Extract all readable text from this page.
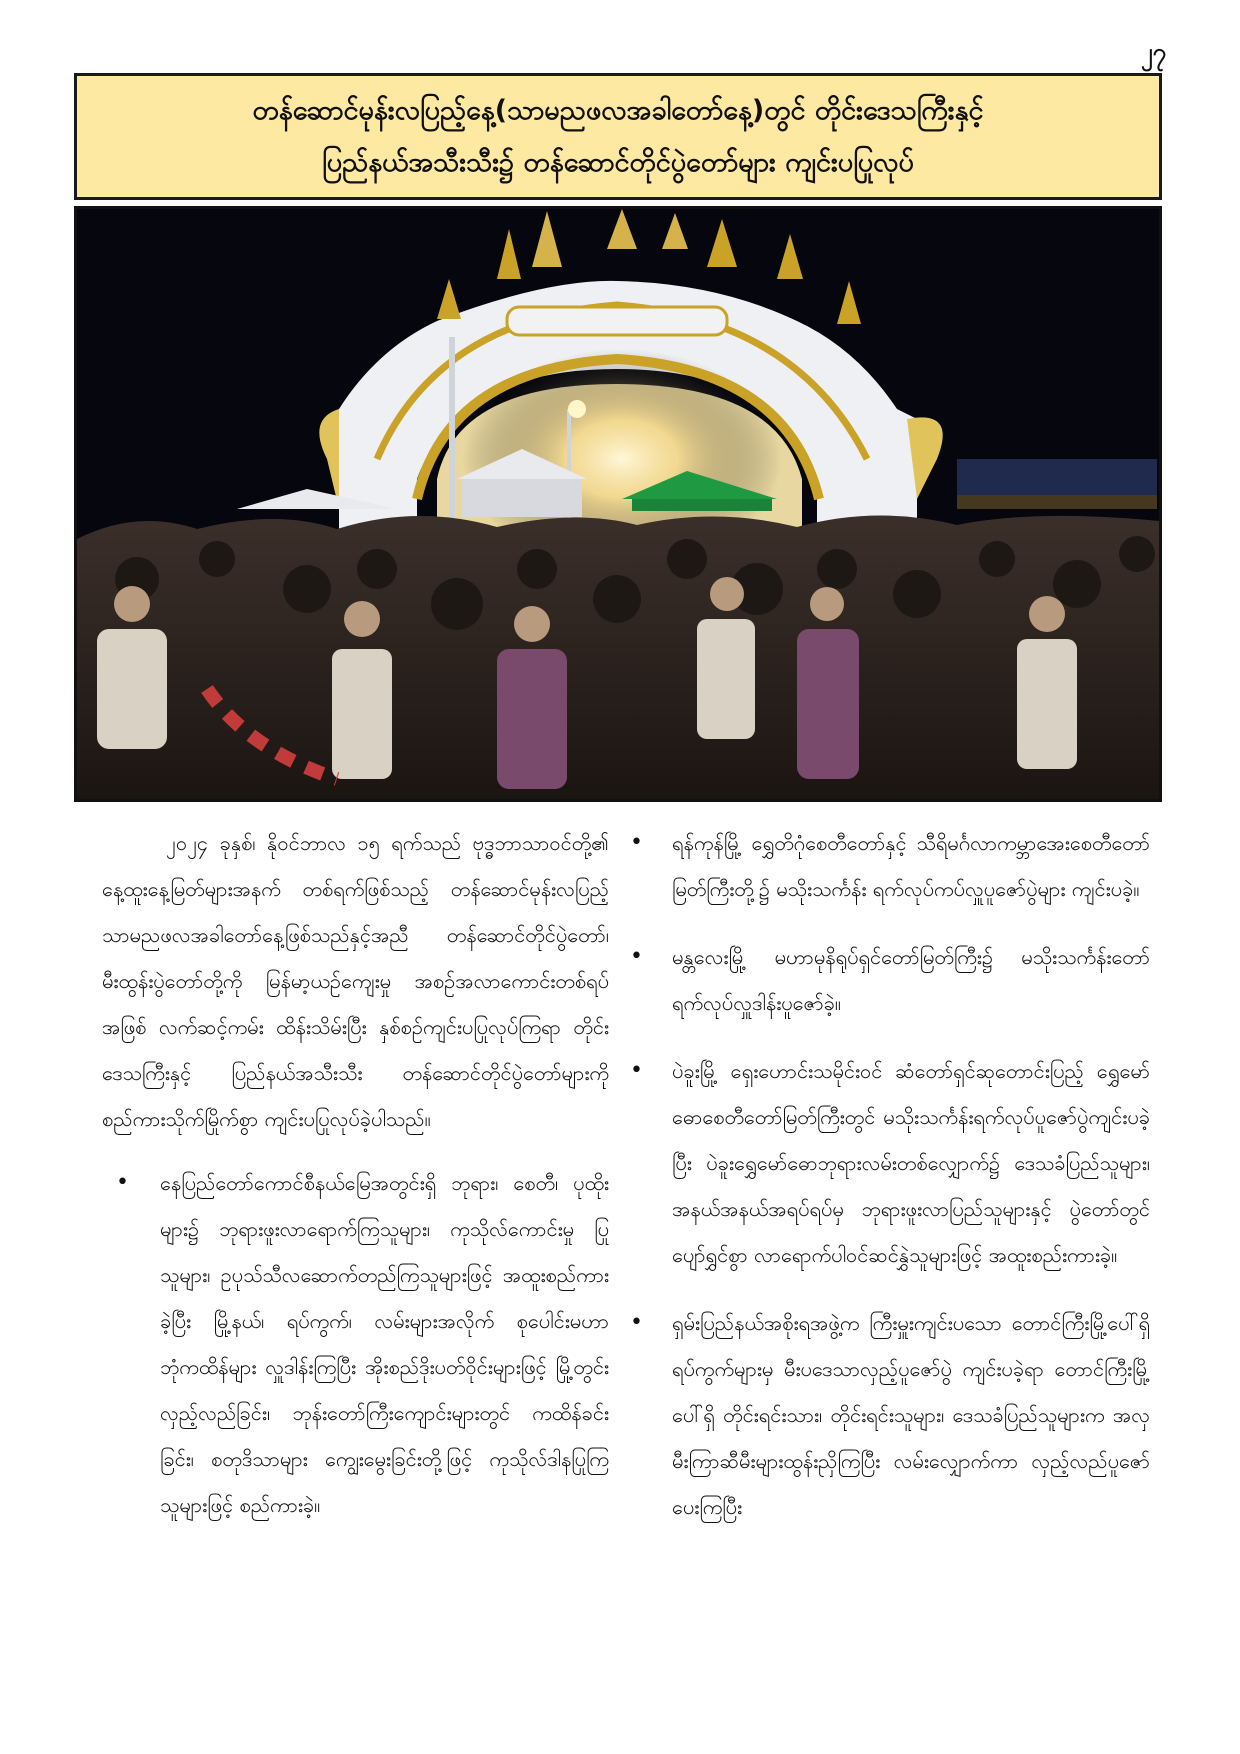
၂၇
တန်ဆောင်မုန်းလပြည့်နေ့(သာမညဖလအခါတော်နေ့)တွင် တိုင်းဒေသကြီးနှင့်
ပြည်နယ်အသီးသီး၌ တန်ဆောင်တိုင်ပွဲတော်များ ကျင်းပပြုလုပ်

၂၀၂၄ ခုနှစ်၊ နိုဝင်ဘာလ ၁၅ ရက်သည် ဗုဒ္ဓဘာသာဝင်တို့၏ နေ့ထူးနေ့မြတ်များအနက် တစ်ရက်ဖြစ်သည့် တန်ဆောင်မုန်းလပြည့် သာမညဖလအခါတော်နေ့ဖြစ်သည်နှင့်အညီ တန်ဆောင်တိုင်ပွဲတော်၊ မီးထွန်းပွဲတော်တို့ကို မြန်မာ့ယဉ်ကျေးမှု အစဉ်အလာကောင်းတစ်ရပ်အဖြစ် လက်ဆင့်ကမ်း ထိန်းသိမ်းပြီး နှစ်စဉ်ကျင်းပပြုလုပ်ကြရာ တိုင်းဒေသကြီးနှင့် ပြည်နယ်အသီးသီး တန်ဆောင်တိုင်ပွဲတော်များကို စည်ကားသိုက်မြိုက်စွာ ကျင်းပပြုလုပ်ခဲ့ပါသည်။

• နေပြည်တော်ကောင်စီနယ်မြေအတွင်းရှိ ဘုရား၊ စေတီ၊ ပုထိုးများ၌ ဘုရားဖူးလာရောက်ကြသူများ၊ ကုသိုလ်ကောင်းမှု ပြုသူများ၊ ဥပုသ်သီလဆောက်တည်ကြသူများဖြင့် အထူးစည်ကားခဲ့ပြီး မြို့နယ်၊ ရပ်ကွက်၊ လမ်းများအလိုက် စုပေါင်းမဟာဘုံကထိန်များ လှူဒါန်းကြပြီး အိုးစည်ဒိုးပတ်ဝိုင်းများဖြင့် မြို့တွင်းလှည့်လည်ခြင်း၊ ဘုန်းတော်ကြီးကျောင်းများတွင် ကထိန်ခင်းခြင်း၊ စတုဒိသာများ ကျွေးမွေးခြင်းတို့ဖြင့် ကုသိုလ်ဒါနပြုကြသူများဖြင့် စည်ကားခဲ့။
• ရန်ကုန်မြို့ ရွှေတိဂုံစေတီတော်နှင့် သီရိမင်္ဂလာကမ္ဘာအေးစေတီတော်မြတ်ကြီးတို့၌ မသိုးသင်္ကန်း ရက်လုပ်ကပ်လှူပူဇော်ပွဲများ ကျင်းပခဲ့။
• မန္တလေးမြို့ မဟာမုနိရုပ်ရှင်တော်မြတ်ကြီး၌ မသိုးသင်္ကန်းတော် ရက်လုပ်လှူဒါန်းပူဇော်ခဲ့။
• ပဲခူးမြို့ ရှေးဟောင်းသမိုင်းဝင် ဆံတော်ရှင်ဆုတောင်းပြည့် ရွှေမော်ဓောစေတီတော်မြတ်ကြီးတွင် မသိုးသင်္ကန်းရက်လုပ်ပူဇော်ပွဲကျင်းပခဲ့ပြီး ပဲခူးရွှေမော်ဓောဘုရားလမ်းတစ်လျှောက်၌ ဒေသခံပြည်သူများ၊ အနယ်အနယ်အရပ်ရပ်မှ ဘုရားဖူးလာပြည်သူများနှင့် ပွဲတော်တွင် ပျော်ရွှင်စွာ လာရောက်ပါဝင်ဆင်နွှဲသူများဖြင့် အထူးစည်းကားခဲ့။
• ရှမ်းပြည်နယ်အစိုးရအဖွဲ့က ကြီးမှူးကျင်းပသော တောင်ကြီးမြို့ပေါ်ရှိ ရပ်ကွက်များမှ မီးပဒေသာလှည့်ပူဇော်ပွဲ ကျင်းပခဲ့ရာ တောင်ကြီးမြို့ပေါ်ရှိ တိုင်းရင်းသား၊ တိုင်းရင်းသူများ၊ ဒေသခံပြည်သူများက အလှမီးကြာဆီမီးများထွန်းညှိကြပြီး လမ်းလျှောက်ကာ လှည့်လည်ပူဇော်ပေးကြပြီး
